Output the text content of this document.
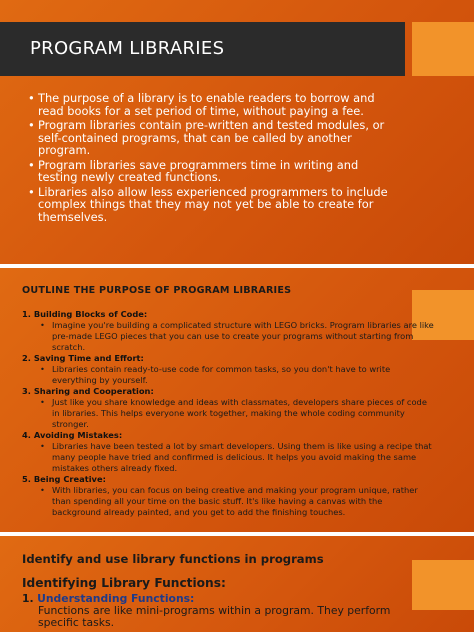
PROGRAM LIBRARIES
• The purpose of a library is to enable readers to borrow and read books for a set period of time, without paying a fee.
• Program libraries contain pre-written and tested modules, or self-contained programs, that can be called by another program.
• Program libraries save programmers time in writing and testing newly created functions.
• Libraries also allow less experienced programmers to include complex things that they may not yet be able to create for themselves.
OUTLINE THE PURPOSE OF PROGRAM LIBRARIES
1. Building Blocks of Code:
• Imagine you're building a complicated structure with LEGO bricks. Program libraries are like pre-made LEGO pieces that you can use to create your programs without starting from scratch.
2. Saving Time and Effort:
• Libraries contain ready-to-use code for common tasks, so you don't have to write everything by yourself.
3. Sharing and Cooperation:
• Just like you share knowledge and ideas with classmates, developers share pieces of code in libraries. This helps everyone work together, making the whole coding community stronger.
4. Avoiding Mistakes:
• Libraries have been tested a lot by smart developers. Using them is like using a recipe that many people have tried and confirmed is delicious. It helps you avoid making the same mistakes others already fixed.
5. Being Creative:
• With libraries, you can focus on being creative and making your program unique, rather than spending all your time on the basic stuff. It's like having a canvas with the background already painted, and you get to add the finishing touches.
Identify and use library functions in programs
Identifying Library Functions:
1. Understanding Functions:
Functions are like mini-programs within a program. They perform specific tasks.
